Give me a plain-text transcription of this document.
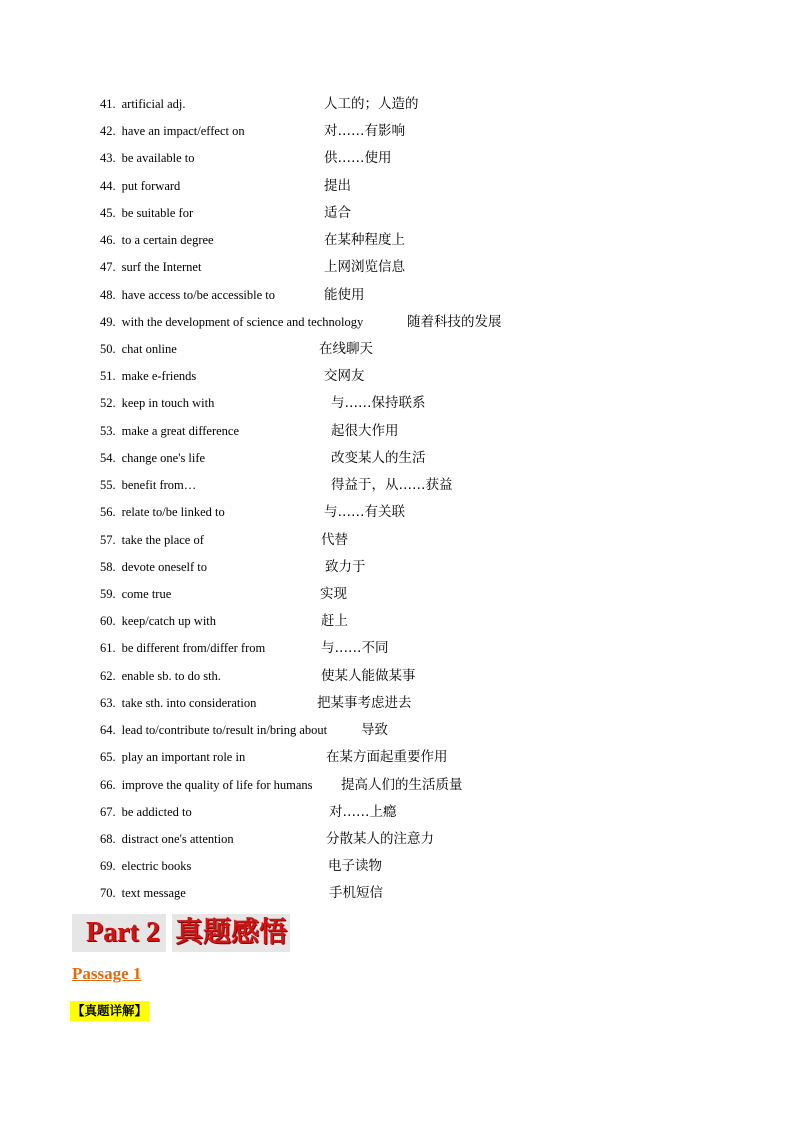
41. artificial adj.	人工的；人造的
42. have an impact/effect on	对……有影响
43. be available to	供……使用
44. put forward	提出
45. be suitable for	适合
46. to a certain degree	在某种程度上
47. surf the Internet	上网浏览信息
48. have access to/be accessible to	能使用
49. with the development of science and technology	随着科技的发展
50. chat online	在线聊天
51. make e-friends	交网友
52. keep in touch with	与……保持联系
53. make a great difference	起很大作用
54. change one's life	改变某人的生活
55. benefit from…	得益于，从……获益
56. relate to/be linked to	与……有关联
57. take the place of	代替
58. devote oneself to	致力于
59. come true	实现
60. keep/catch up with	赶上
61. be different from/differ from	与……不同
62. enable sb. to do sth.	使某人能做某事
63. take sth. into consideration	把某事考虑进去
64. lead to/contribute to/result in/bring about	导致
65. play an important role in	在某方面起重要作用
66. improve the quality of life for humans 提高人们的生活质量
67. be addicted to	对……上瘾
68. distract one's attention	分散某人的注意力
69. electric books	电子读物
70. text message	手机短信
Part 2 真题感悟
Passage 1
【真题详解】
